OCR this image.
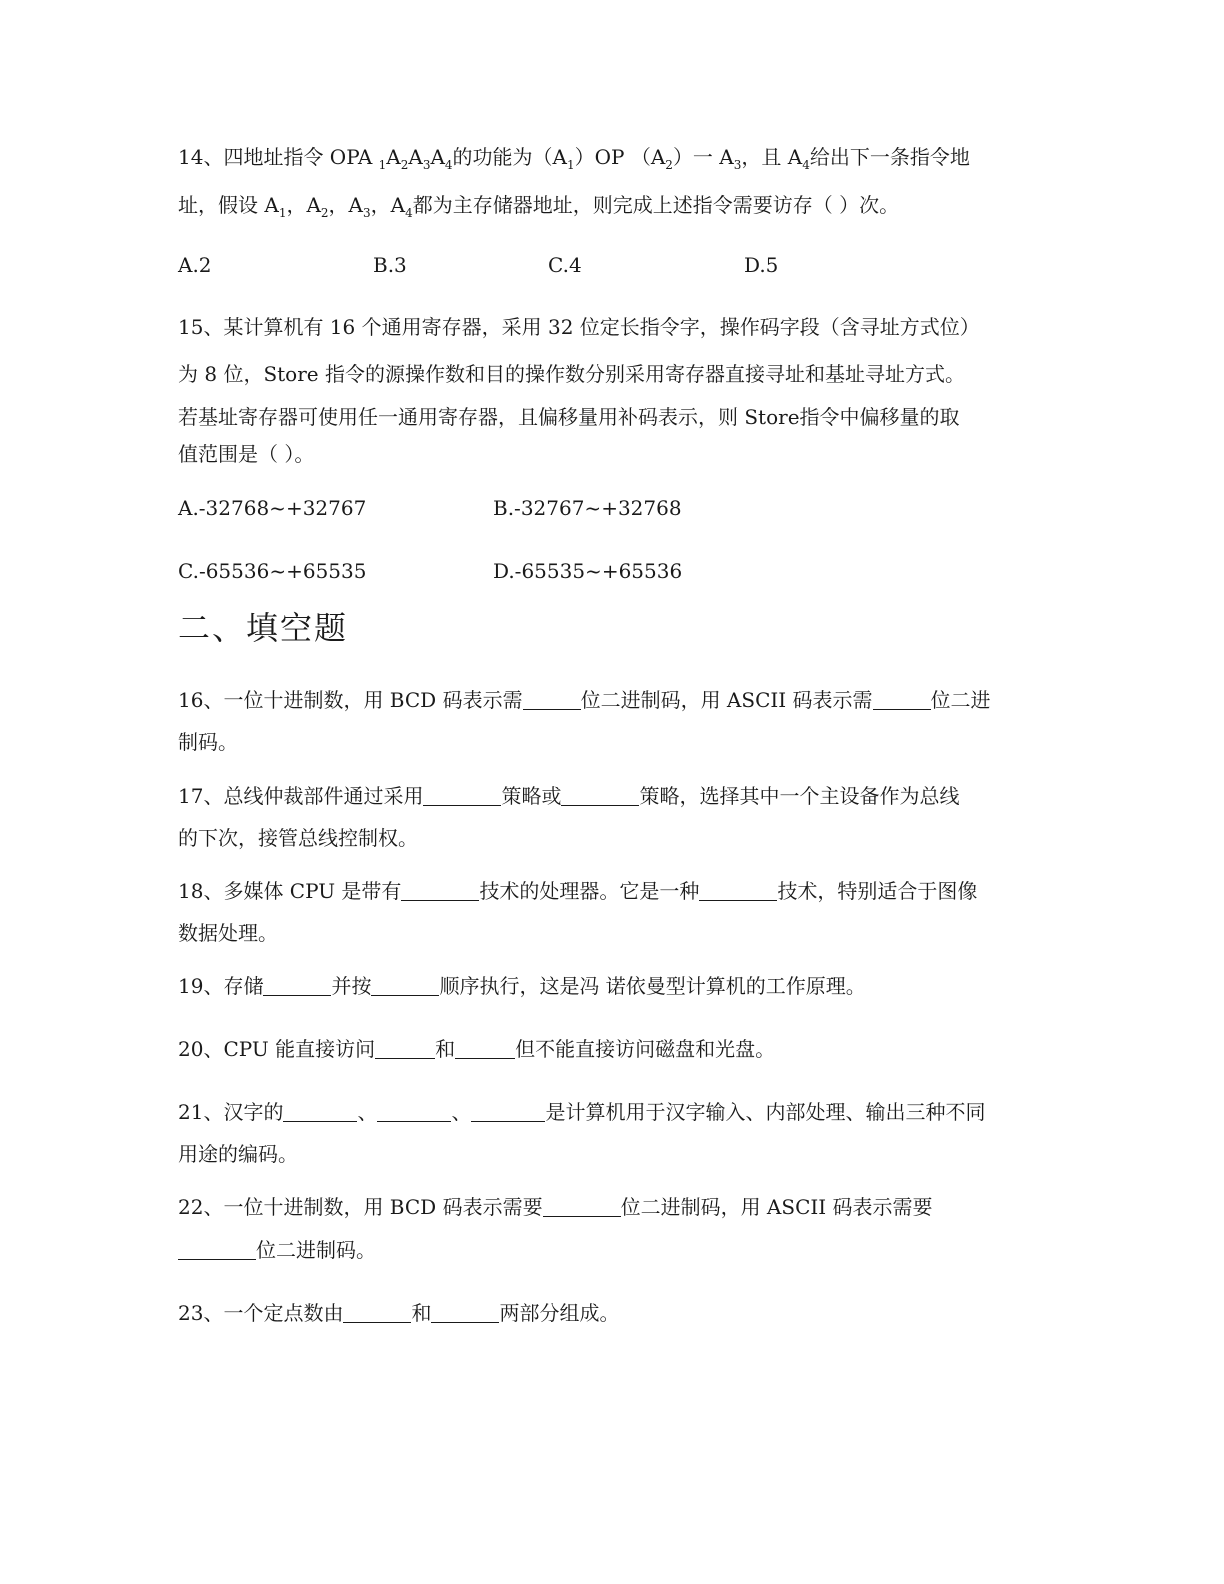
14、四地址指令 OPA $_1A_2A_3A_4$的功能为$(A_1)OP$ $(A_2)$一 $A_3$，且 $A_4$给出下一条指令地
址，假设 $A_1$，$A_2$，$A_3$，$A_4$都为主存储器地址，则完成上述指令需要访存（ ）次。
A.2	B.3	C.4	D.5
15、某计算机有 16 个通用寄存器，采用 32 位定长指令字，操作码字段（含寻址方式位）
为 8 位，Store 指令的源操作数和目的操作数分别采用寄存器直接寻址和基址寻址方式。
若基址寄存器可使用任一通用寄存器，且偏移量用补码表示，则 Store指令中偏移量的取
值范围是（ ）。
A.-32768~+32767	B.-32767~+32768
C.-65536~+65535	D.-65535~+65536
二、填空题
16、一位十进制数，用 BCD 码表示需	位二进制码，用 ASCII 码表示需	位二进
制码。
17、总线仲裁部件通过采用	策略或	策略，选择其中一个主设备作为总线
的下次，接管总线控制权。
18、多媒体 CPU 是带有	技术的处理器。它是一种	技术，特别适合于图像
数据处理。
19、存储	并按	顺序执行，这是冯 诺依曼型计算机的工作原理。
20、CPU 能直接访问	和	但不能直接访问磁盘和光盘。
21、汉字的	、	、	是计算机用于汉字输入、内部处理、输出三种不同
用途的编码。
22、一位十进制数，用 BCD 码表示需要	位二进制码，用 ASCII 码表示需要
位二进制码。
23、一个定点数由	和	两部分组成。
